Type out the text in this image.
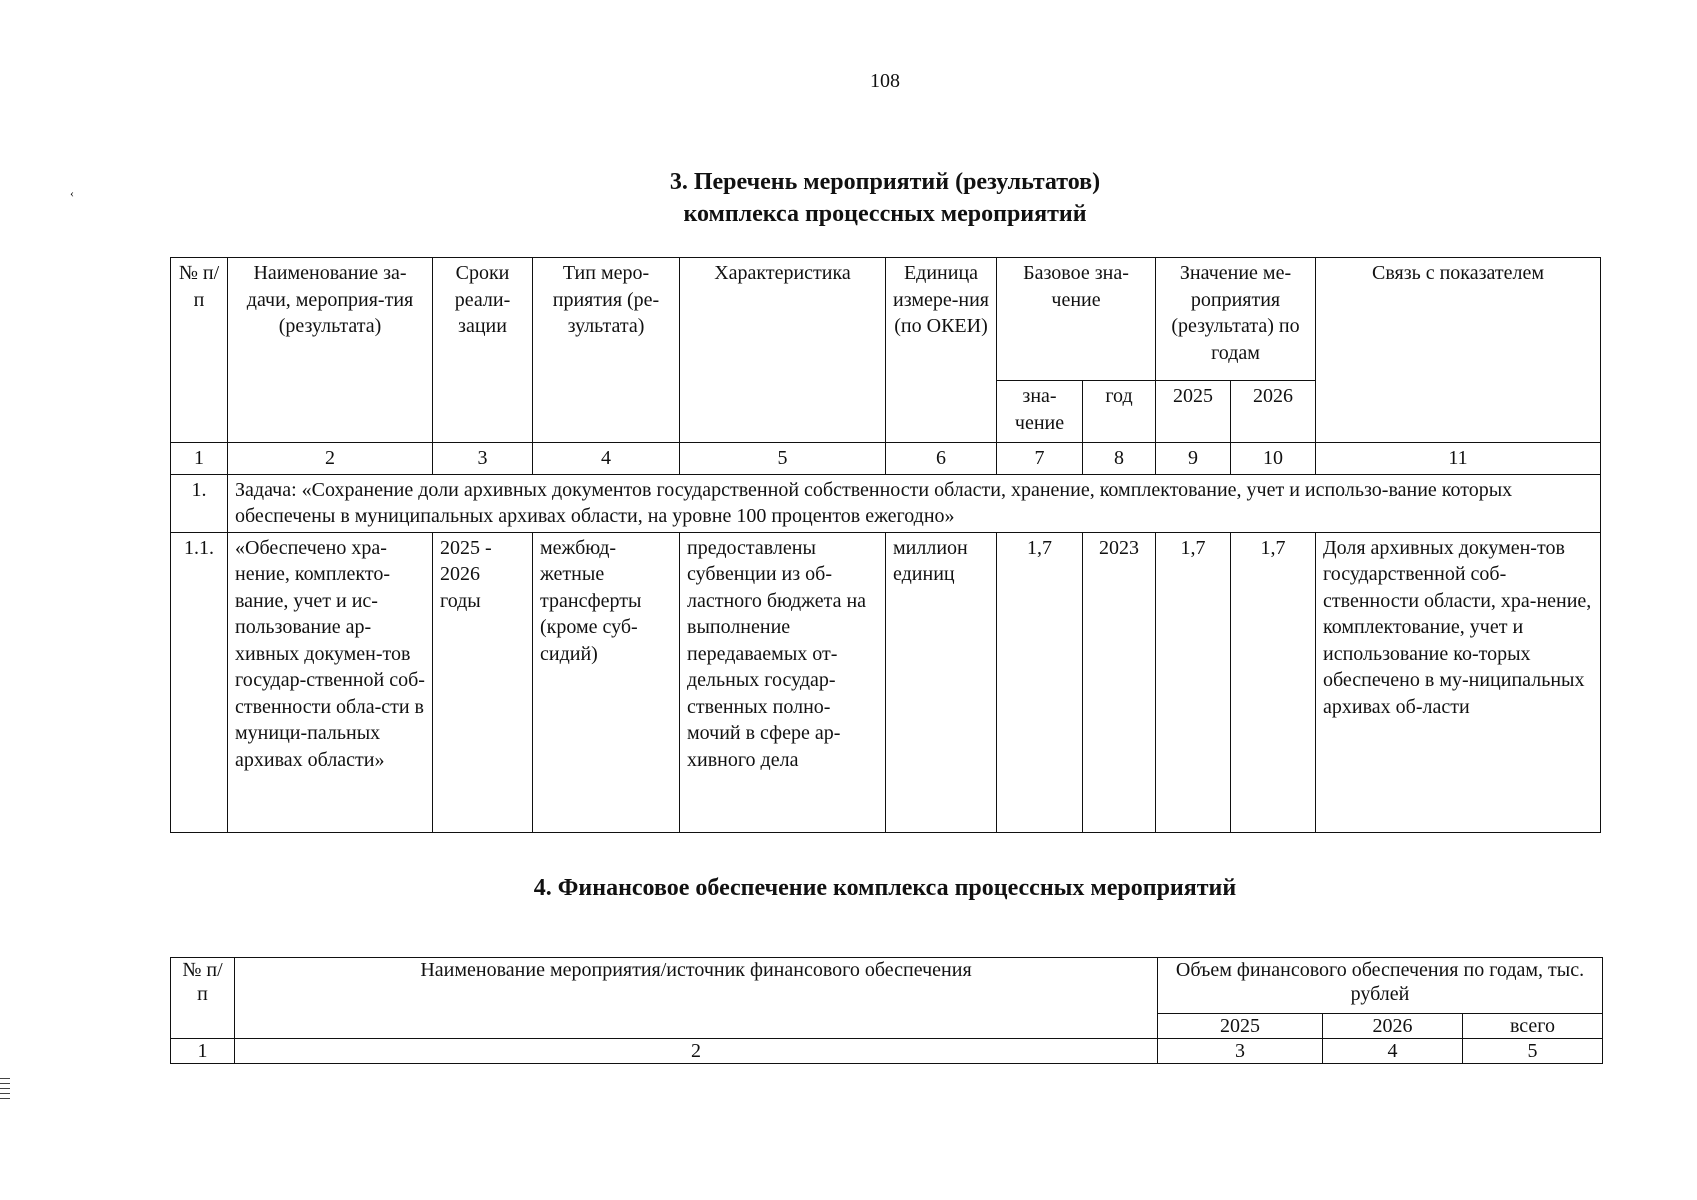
108
‹	3. Перечень мероприятий (результатов)
комплекса процессных мероприятий
№ п/п	Наименование за-дачи, мероприя-тия (результата)	Сроки реали-зации	Тип меро-приятия (ре-зультата)	Характеристика	Единица измере-ния (по ОКЕИ)	Базовое зна-чение		Значение ме-роприятия (результата) по годам		Связь с показателем
						зна-чение	год	2025	2026	
1	2	3	4	5	6	7	8	9	10	11
1.	Задача: «Сохранение доли архивных документов государственной собственности области, хранение, комплектование, учет и использо-вание которых обеспечены в муниципальных архивах области, на уровне 100 процентов ежегодно»									
1.1.	«Обеспечено хра-нение, комплекто-вание, учет и ис-пользование ар-хивных докумен-тов государ-ственной соб-ственности обла-сти в муници-пальных архивах области»	2025 - 2026 годы	межбюд-жетные трансферты (кроме суб-сидий)	предоставлены субвенции из об-ластного бюджета на выполнение передаваемых от-дельных государ-ственных полно-мочий в сфере ар-хивного дела	миллион единиц	1,7	2023	1,7	1,7	Доля архивных докумен-тов государственной соб-ственности области, хра-нение, комплектование, учет и использование ко-торых обеспечено в му-ниципальных архивах об-ласти
4. Финансовое обеспечение комплекса процессных мероприятий
№ п/п	Наименование мероприятия/источник финансового обеспечения	Объем финансового обеспечения по годам, тыс. рублей		
		2025	2026	всего
1	2	3	4	5
